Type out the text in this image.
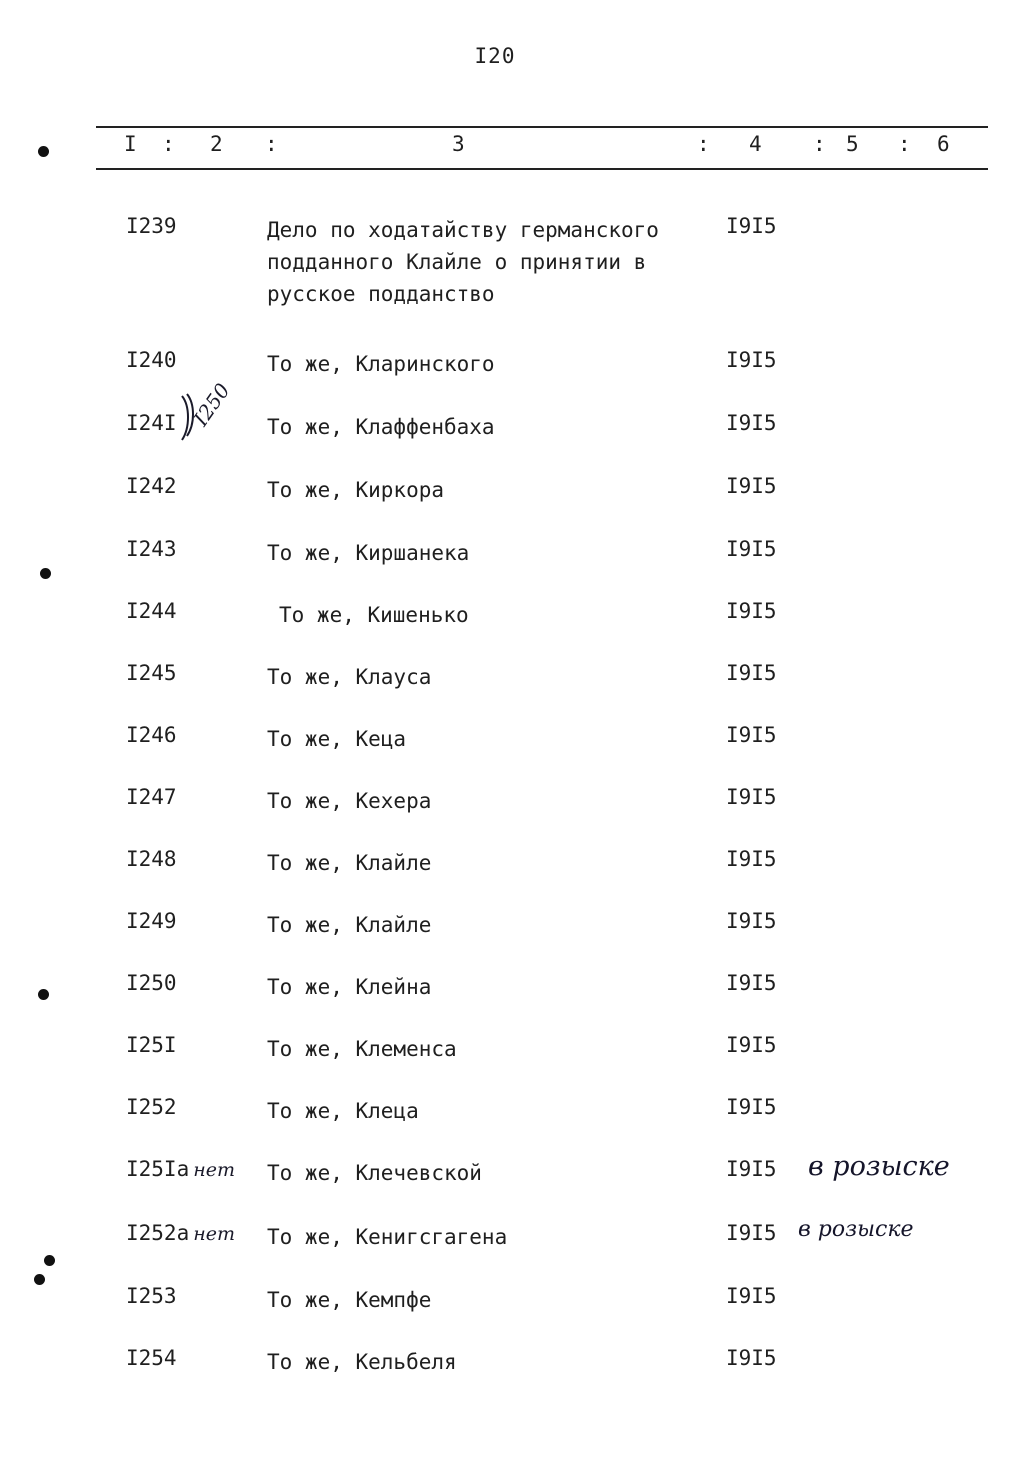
I20
I : 2 :	3	: 4 : 5 : 6
I239	Дело по ходатайству германского
подданного Клайле о принятии в
русское подданство
I9I5
I240	То же, Кларинского	I9I5
I24I	То же, Клаффенбаха	I9I5
I242	То же, Киркора	I9I5
I243	То же, Киршанека	I9I5
I244	То же, Кишенько	I9I5
I245	То же, Клауса	I9I5
I246	То же, Кеца	I9I5
I247	То же, Кехера	I9I5
I248	То же, Клайле	I9I5
I249	То же, Клайле	I9I5
I250	То же, Клейна	I9I5
I25I	То же, Клеменса	I9I5
I252	То же, Клеца	I9I5
I25Iа нет То же, Клечевской	I9I5 в розыске
I252а нет То же, Кенигсгагена	I9I5 в розыске
I253	То же, Кемпфе	I9I5
I254	То же, Кельбеля	I9I5
I250
